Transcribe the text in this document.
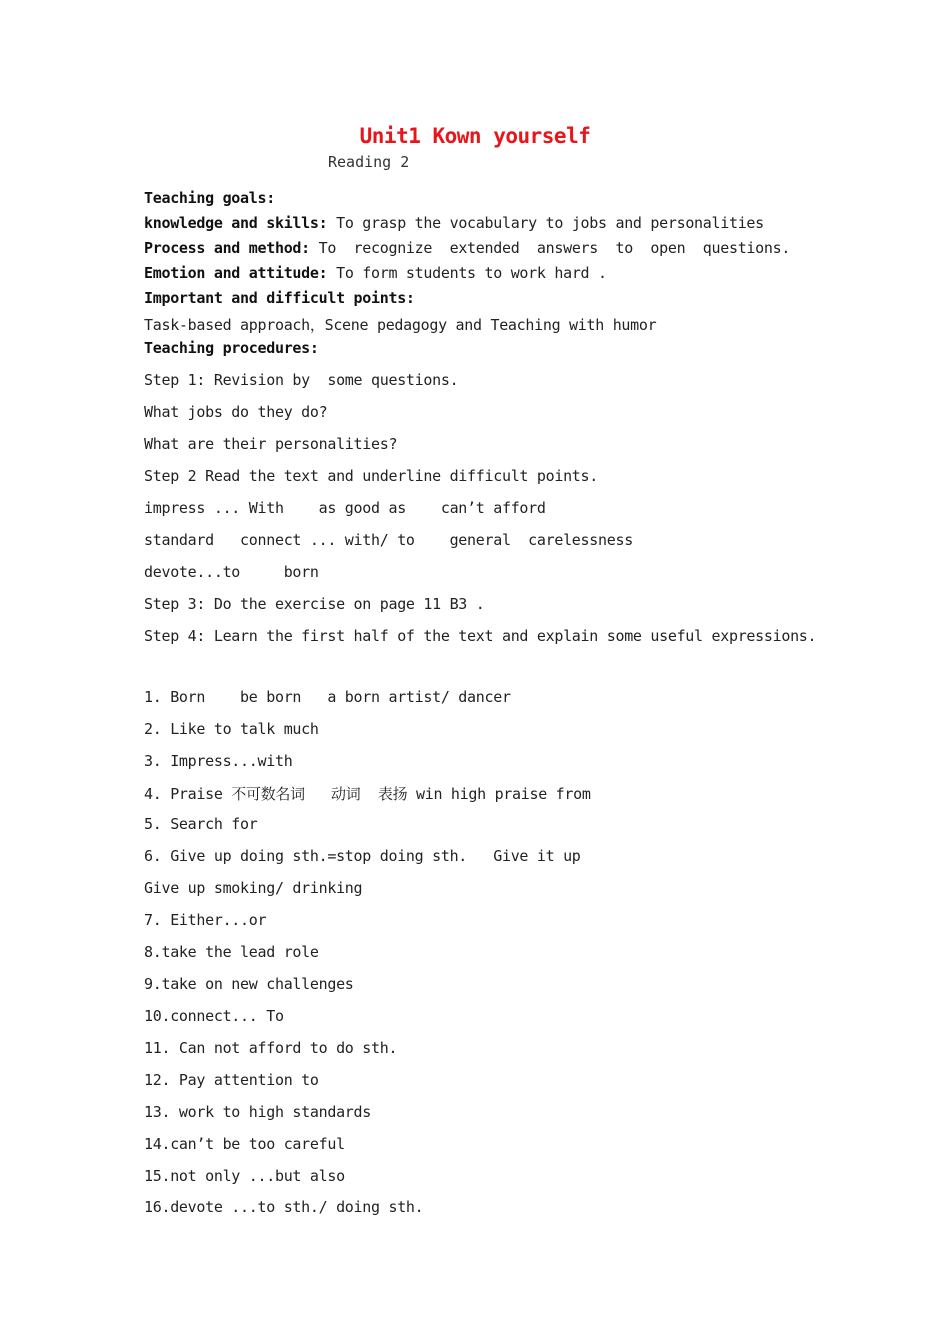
Unit1 Kown yourself
Reading 2
Teaching goals:
knowledge and skills: To grasp the vocabulary to jobs and personalities
Process and method: To  recognize  extended  answers  to  open  questions.
Emotion and attitude: To form students to work hard .
Important and difficult points:
Task-based approach，Scene pedagogy and Teaching with humor
Teaching procedures:
Step 1: Revision by  some questions.
What jobs do they do?
What are their personalities?
Step 2 Read the text and underline difficult points.
impress ... With    as good as    can’t afford
standard   connect ... with/ to    general  carelessness
devote...to     born
Step 3: Do the exercise on page 11 B3 .
Step 4: Learn the first half of the text and explain some useful expressions.
1. Born    be born   a born artist/ dancer
2. Like to talk much
3. Impress...with
4. Praise 不可数名词   动词  表扬 win high praise from
5. Search for
6. Give up doing sth.=stop doing sth.   Give it up
Give up smoking/ drinking
7. Either...or
8.take the lead role
9.take on new challenges
10.connect... To
11. Can not afford to do sth.
12. Pay attention to
13. work to high standards
14.can’t be too careful
15.not only ...but also
16.devote ...to sth./ doing sth.
